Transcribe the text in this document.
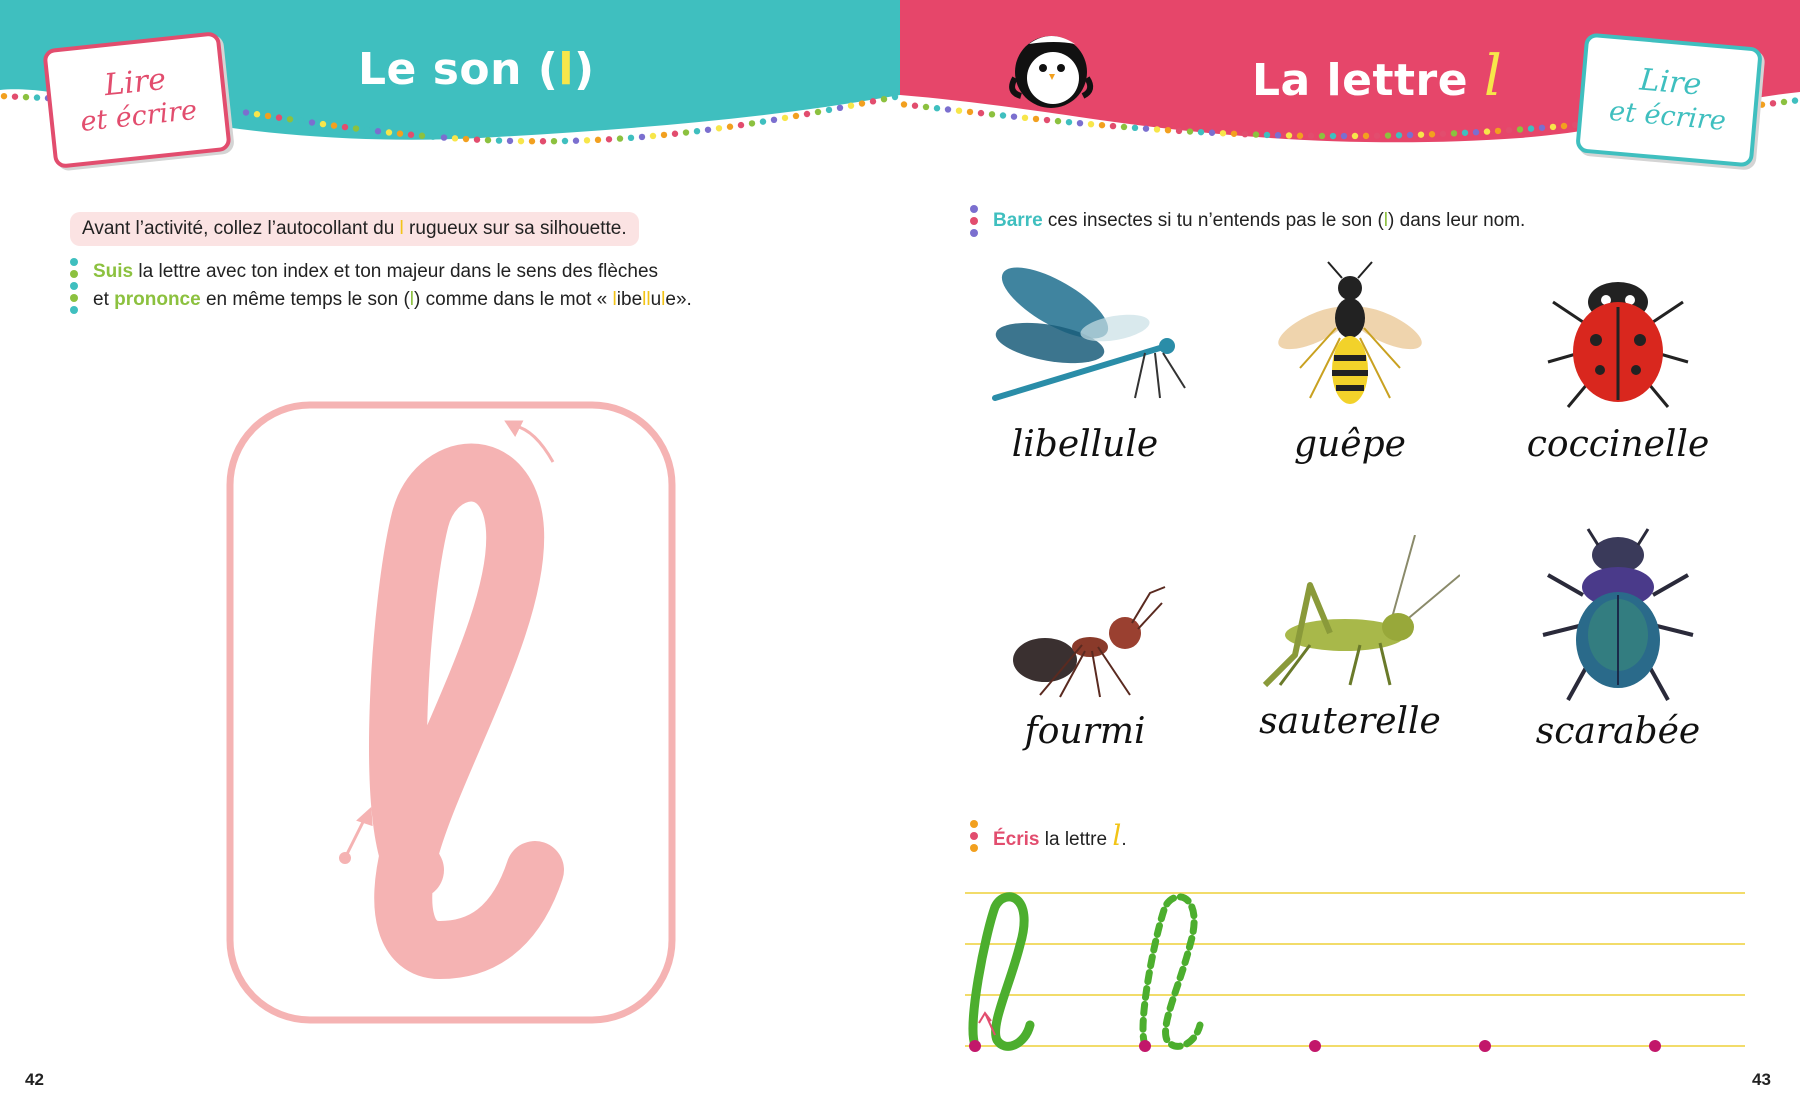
Lire
et écrire
Le son (l)	La lettre l	Lire
et écrire
Avant l’activité, collez l’autocollant du l rugueux sur sa silhouette.
Suis la lettre avec ton index et ton majeur dans le sens des flèches
et prononce en même temps le son (l) comme dans le mot « libellule».
42
Barre ces insectes si tu n’entends pas le son (l) dans leur nom.
libellule	guêpe	coccinelle
fourmi	sauterelle	scarabée
Écris la lettre l.
43
